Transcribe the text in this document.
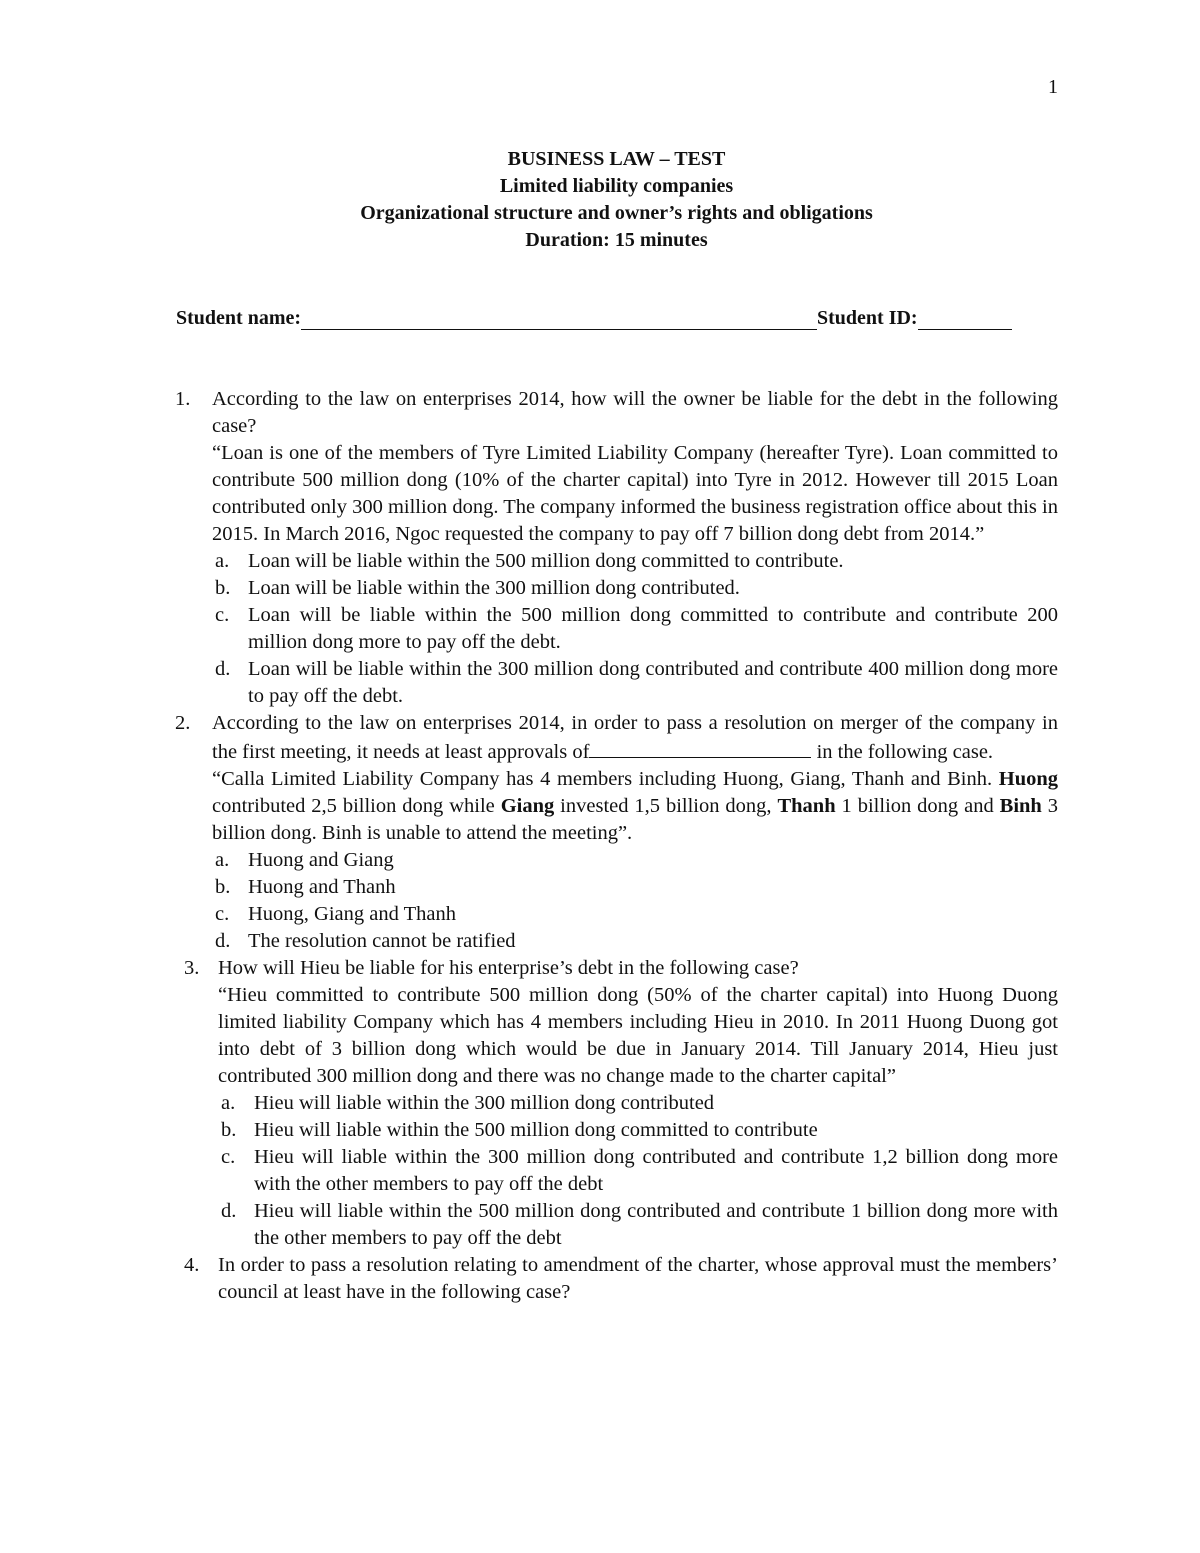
1
BUSINESS LAW – TEST
Limited liability companies
Organizational structure and owner’s rights and obligations
Duration: 15 minutes
Student name:	Student ID:
1. According to the law on enterprises 2014, how will the owner be liable for the debt in the following case?
“Loan is one of the members of Tyre Limited Liability Company (hereafter Tyre). Loan committed to contribute 500 million dong (10% of the charter capital) into Tyre in 2012. However till 2015 Loan contributed only 300 million dong. The company informed the business registration office about this in 2015. In March 2016, Ngoc requested the company to pay off 7 billion dong debt from 2014.”
a. Loan will be liable within the 500 million dong committed to contribute.
b. Loan will be liable within the 300 million dong contributed.
c. Loan will be liable within the 500 million dong committed to contribute and contribute 200 million dong more to pay off the debt.
d. Loan will be liable within the 300 million dong contributed and contribute 400 million dong more to pay off the debt.
2. According to the law on enterprises 2014, in order to pass a resolution on merger of the company in the first meeting, it needs at least approvals of	in the following case.
“Calla Limited Liability Company has 4 members including Huong, Giang, Thanh and Binh. Huong contributed 2,5 billion dong while Giang invested 1,5 billion dong, Thanh 1 billion dong and Binh 3 billion dong. Binh is unable to attend the meeting”.
a. Huong and Giang
b. Huong and Thanh
c. Huong, Giang and Thanh
d. The resolution cannot be ratified
3. How will Hieu be liable for his enterprise’s debt in the following case?
“Hieu committed to contribute 500 million dong (50% of the charter capital) into Huong Duong limited liability Company which has 4 members including Hieu in 2010. In 2011 Huong Duong got into debt of 3 billion dong which would be due in January 2014. Till January 2014, Hieu just contributed 300 million dong and there was no change made to the charter capital”
a. Hieu will liable within the 300 million dong contributed
b. Hieu will liable within the 500 million dong committed to contribute
c. Hieu will liable within the 300 million dong contributed and contribute 1,2 billion dong more with the other members to pay off the debt
d. Hieu will liable within the 500 million dong contributed and contribute 1 billion dong more with the other members to pay off the debt
4. In order to pass a resolution relating to amendment of the charter, whose approval must the members’ council at least have in the following case?
